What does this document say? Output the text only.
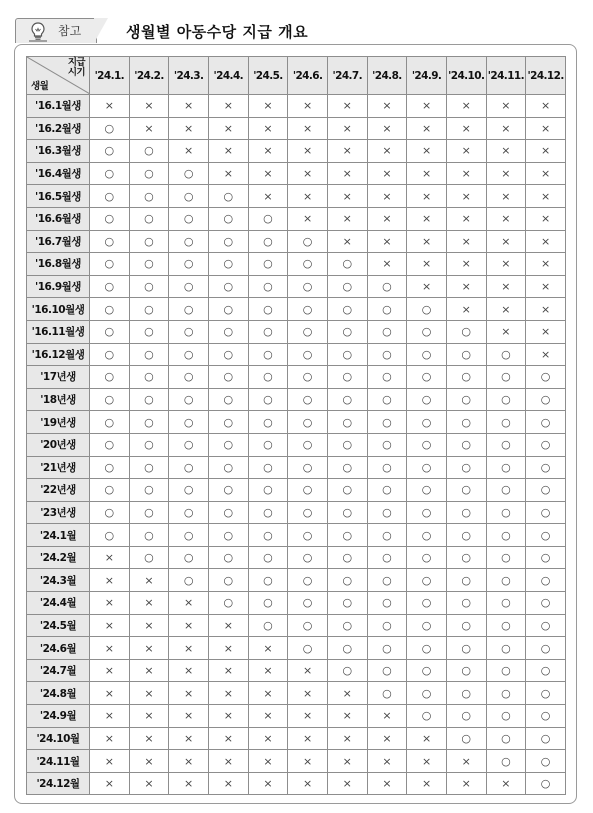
참고	생월별 아동수당 지급 개요
지급
시기
생월	'24.1.	'24.2.	'24.3.	'24.4.	'24.5.	'24.6.	'24.7.	'24.8.	'24.9.	'24.10.	'24.11.	'24.12.
'16.1월생	×	×	×	×	×	×	×	×	×	×	×	×
'16.2월생	○	×	×	×	×	×	×	×	×	×	×	×
'16.3월생	○	○	×	×	×	×	×	×	×	×	×	×
'16.4월생	○	○	○	×	×	×	×	×	×	×	×	×
'16.5월생	○	○	○	○	×	×	×	×	×	×	×	×
'16.6월생	○	○	○	○	○	×	×	×	×	×	×	×
'16.7월생	○	○	○	○	○	○	×	×	×	×	×	×
'16.8월생	○	○	○	○	○	○	○	×	×	×	×	×
'16.9월생	○	○	○	○	○	○	○	○	×	×	×	×
'16.10월생	○	○	○	○	○	○	○	○	○	×	×	×
'16.11월생	○	○	○	○	○	○	○	○	○	○	×	×
'16.12월생	○	○	○	○	○	○	○	○	○	○	○	×
'17년생	○	○	○	○	○	○	○	○	○	○	○	○
'18년생	○	○	○	○	○	○	○	○	○	○	○	○
'19년생	○	○	○	○	○	○	○	○	○	○	○	○
'20년생	○	○	○	○	○	○	○	○	○	○	○	○
'21년생	○	○	○	○	○	○	○	○	○	○	○	○
'22년생	○	○	○	○	○	○	○	○	○	○	○	○
'23년생	○	○	○	○	○	○	○	○	○	○	○	○
'24.1월	○	○	○	○	○	○	○	○	○	○	○	○
'24.2월	×	○	○	○	○	○	○	○	○	○	○	○
'24.3월	×	×	○	○	○	○	○	○	○	○	○	○
'24.4월	×	×	×	○	○	○	○	○	○	○	○	○
'24.5월	×	×	×	×	○	○	○	○	○	○	○	○
'24.6월	×	×	×	×	×	○	○	○	○	○	○	○
'24.7월	×	×	×	×	×	×	○	○	○	○	○	○
'24.8월	×	×	×	×	×	×	×	○	○	○	○	○
'24.9월	×	×	×	×	×	×	×	×	○	○	○	○
'24.10월	×	×	×	×	×	×	×	×	×	○	○	○
'24.11월	×	×	×	×	×	×	×	×	×	×	○	○
'24.12월	×	×	×	×	×	×	×	×	×	×	×	○
